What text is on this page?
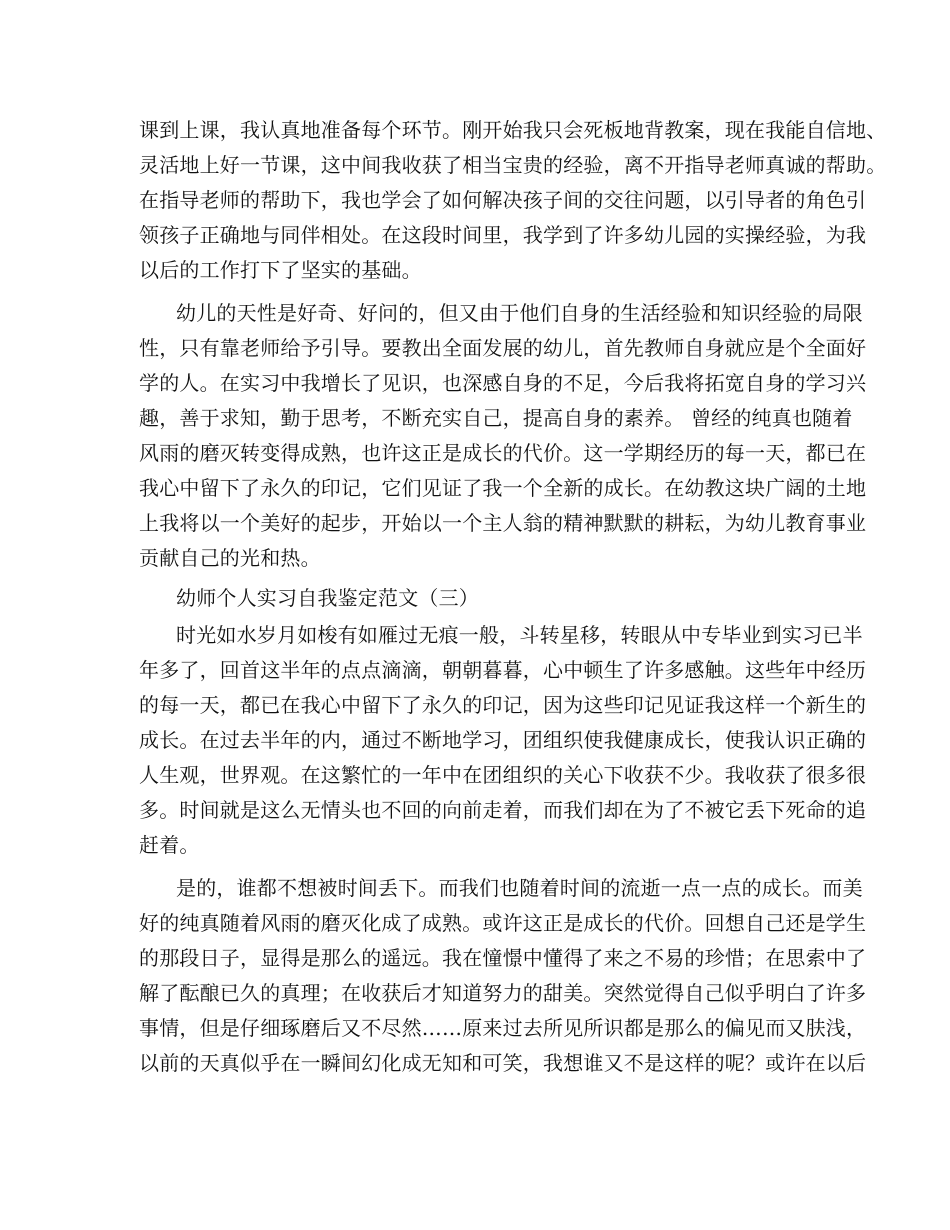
课到上课，我认真地准备每个环节。刚开始我只会死板地背教案，现在我能自信地、
灵活地上好一节课，这中间我收获了相当宝贵的经验，离不开指导老师真诚的帮助。
在指导老师的帮助下，我也学会了如何解决孩子间的交往问题，以引导者的角色引
领孩子正确地与同伴相处。在这段时间里，我学到了许多幼儿园的实操经验，为我
以后的工作打下了坚实的基础。
幼儿的天性是好奇、好问的，但又由于他们自身的生活经验和知识经验的局限
性，只有靠老师给予引导。要教出全面发展的幼儿，首先教师自身就应是个全面好
学的人。在实习中我增长了见识，也深感自身的不足，今后我将拓宽自身的学习兴
趣，善于求知，勤于思考，不断充实自己，提高自身的素养。 曾经的纯真也随着
风雨的磨灭转变得成熟，也许这正是成长的代价。这一学期经历的每一天，都已在
我心中留下了永久的印记，它们见证了我一个全新的成长。在幼教这块广阔的土地
上我将以一个美好的起步，开始以一个主人翁的精神默默的耕耘，为幼儿教育事业
贡献自己的光和热。
幼师个人实习自我鉴定范文（三）
时光如水岁月如梭有如雁过无痕一般，斗转星移，转眼从中专毕业到实习已半
年多了，回首这半年的点点滴滴，朝朝暮暮，心中顿生了许多感触。这些年中经历
的每一天，都已在我心中留下了永久的印记，因为这些印记见证我这样一个新生的
成长。在过去半年的内，通过不断地学习，团组织使我健康成长，使我认识正确的
人生观，世界观。在这繁忙的一年中在团组织的关心下收获不少。我收获了很多很
多。时间就是这么无情头也不回的向前走着，而我们却在为了不被它丢下死命的追
赶着。
是的，谁都不想被时间丢下。而我们也随着时间的流逝一点一点的成长。而美
好的纯真随着风雨的磨灭化成了成熟。或许这正是成长的代价。回想自己还是学生
的那段日子，显得是那么的遥远。我在憧憬中懂得了来之不易的珍惜；在思索中了
解了酝酿已久的真理；在收获后才知道努力的甜美。突然觉得自己似乎明白了许多
事情，但是仔细琢磨后又不尽然……原来过去所见所识都是那么的偏见而又肤浅，
以前的天真似乎在一瞬间幻化成无知和可笑，我想谁又不是这样的呢？或许在以后
